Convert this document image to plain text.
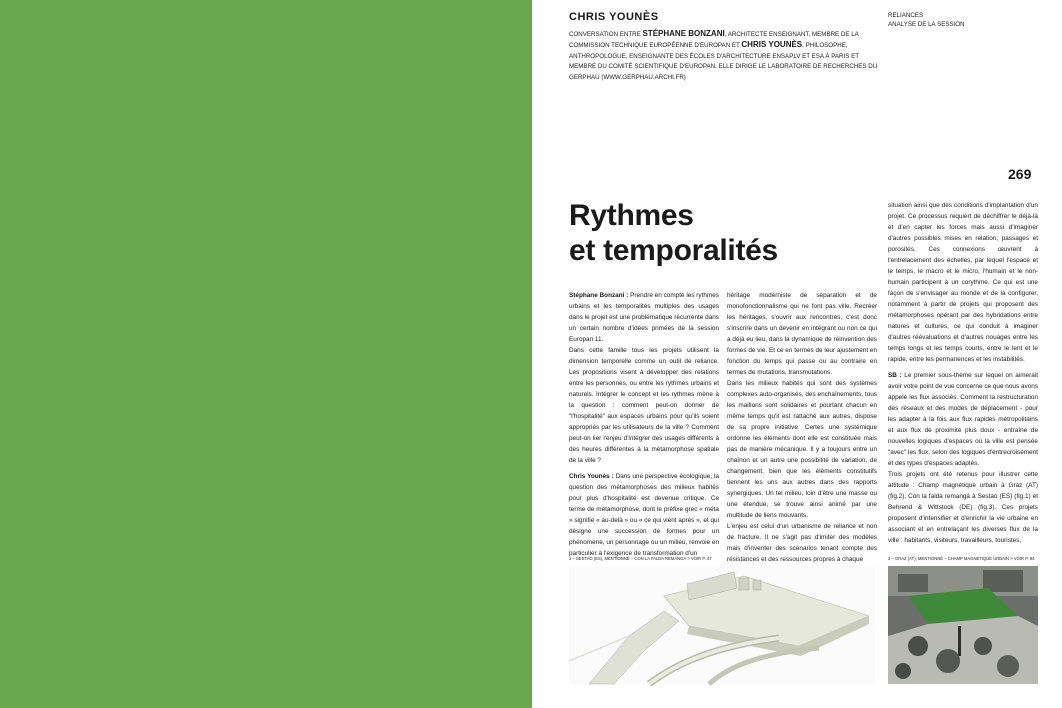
CHRIS YOUNÈS
CONVERSATION ENTRE STÉPHANE BONZANI, ARCHITECTE ENSEIGNANT, MEMBRE DE LA COMMISSION TECHNIQUE EUROPÉENNE D'EUROPAN ET CHRIS YOUNÈS, PHILOSOPHE, ANTHROPOLOGUE, ENSEIGNANTE DES ÉCOLES D'ARCHITECTURE ENSAPLV ET ESA À PARIS ET MEMBRE DU COMITÉ SCIENTIFIQUE D'EUROPAN. ELLE DIRIGE LE LABORATOIRE DE RECHERCHES DU GERPHAU (WWW.GERPHAU.ARCHI.FR)
RELIANCES
ANALYSE DE LA SESSION
269
Rythmes
et temporalités

Stéphane Bonzani : Prendre en compte les rythmes urbains et les temporalités multiples des usages dans le projet est une problématique récurrente dans un certain nombre d'idées primées de la session Europan 11.

Dans cette famille tous les projets utilisent la dimension temporelle comme un outil de reliance. Les propositions visent à développer des relations entre les personnes, ou entre les rythmes urbains et naturels. Intégrer le concept et les rythmes mène à la question : comment peut-on donner de "l'hospitalité" aux espaces urbains pour qu'ils soient appropriés par les utilisateurs de la ville ? Comment peut-on lier l'enjeu d'intégrer des usages différents à des heures différentes à la métamorphose spatiale de la ville ?

Chris Younès : Dans une perspective écologique, la question des métamorphoses des milieux habités pour plus d'hospitalité est devenue critique. Ce terme de métamorphose, dont le préfixe grec « méta » signifie « au-delà » ou « ce qui vient après », et qui désigne une succession de formes pour un phénomène, un personnage ou un milieu, renvoie en particulier à l'exigence de transformation d'un

héritage moderniste de séparation et de monofonctionnalisme qui ne font pas ville. Recréer les héritages, s'ouvrir aux rencontres, c'est donc s'inscrire dans un devenir en intégrant ou non ce qui a déjà eu lieu, dans la dynamique de réinvention des formes de vie. Et ce en termes de leur ajustement en fonction du temps qui passe ou au contraire en termes de mutations, transmutations.

Dans les milieux habités qui sont des systèmes complexes auto-organisés, des enchaînements, tous les maillons sont solidaires et pourtant chacun en même temps qu'il est rattaché aux autres, dispose de sa propre initiative. Certes une systémique ordonne les éléments dont elle est constituée mais pas de manière mécanique. Il y a toujours entre un chaînon et un autre une possibilité de variation, de changement, bien que les éléments constitutifs tiennent les uns aux autres dans des rapports synergiques. Un tel milieu, loin d'être une masse ou une étendue, se trouve ainsi animé par une multitude de liens mouvants.

L'enjeu est celui d'un urbanisme de reliance et non de fracture. Il ne s'agit pas d'imiter des modèles mais d'inventer des scénarios tenant compte des résistances et des ressources propres à chaque

situation ainsi que des conditions d'implantation d'un projet. Ce processus requiert de déchiffrer le déjà-là et d'en capter les forces mais aussi d'imaginer d'autres possibles mises en relation, passages et porosités. Ces connexions œuvrent à l'entrelacement des échelles, par lequel l'espace et le temps, le macro et le micro, l'humain et le non-humain participent à un corythme. Ce qui est une façon de s'envisager au monde et de la configurer, notamment à partir de projets qui proposent des métamorphoses opérant par des hybridations entre natures et cultures, ce qui conduit à imaginer d'autres réévaluations et d'autres nouages entre les temps longs et les temps courts, entre le lent et le rapide, entre les permanences et les instabilités.

SB : Le premier sous-thème sur lequel on aimerait avoir votre point de vue concerne ce que nous avons appelé les flux associés. Comment la restructuration des réseaux et des modes de déplacement - pour les adapter à la fois aux flux rapides métropolitains et aux flux de proximité plus doux - entraîne de nouvelles logiques d'espaces où la ville est pensée "avec" les flux, selon des logiques d'entrecroisement et des types d'espaces adaptés.

Trois projets ont été retenus pour illustrer cette attitude : Champ magnétique urbain à Graz (AT) (fig.2), Con la falda remangá à Sestao (ES) (fig.1) et Behrend & Wittstock (DE) (fig.3). Ces projets proposent d'intensifier et d'enrichir la vie urbaine en associant et en entrelaçant les diverses flux de la ville : habitants, visiteurs, travailleurs, touristes,

1 – SESTAO (ES), MENTIONNÉ – CON LA FALDA REMANGÁ > VOIR P. 47	2 – GRAZ (AT), MENTIONNÉ – CHAMP MAGNÉTIQUE URBAIN > VOIR P. 94
